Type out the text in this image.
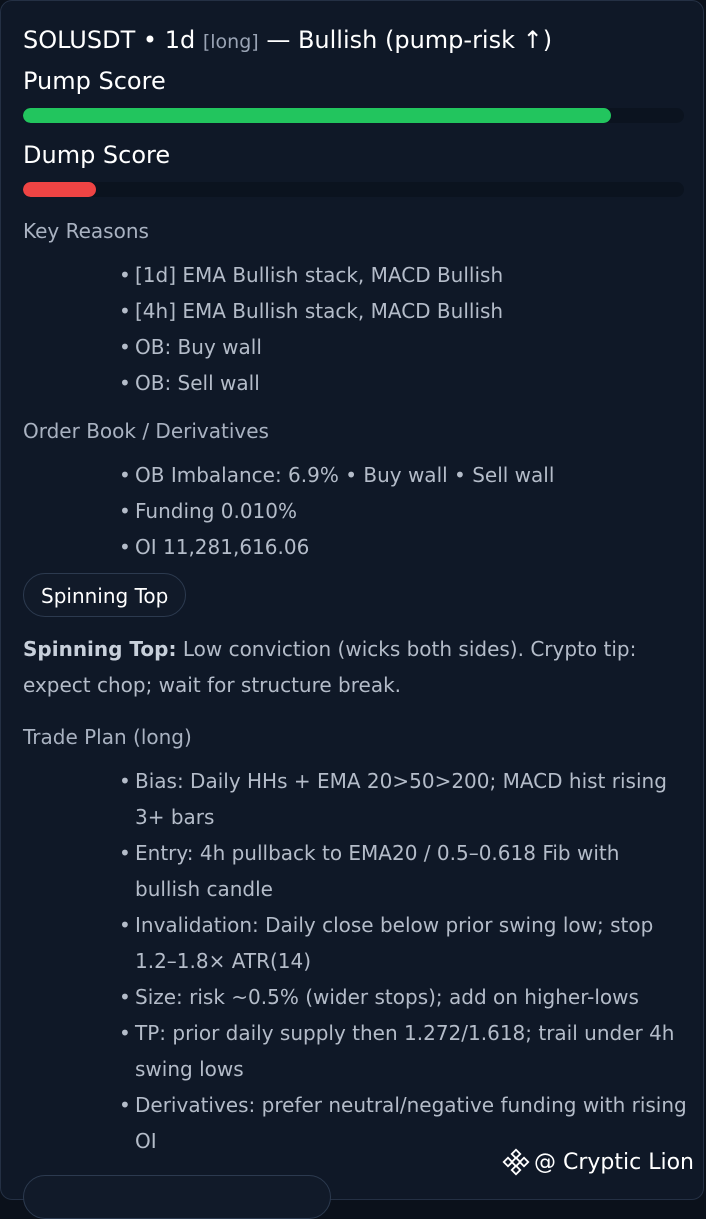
SOLUSDT • 1d [long] — Bullish (pump-risk ↑)
Pump Score
Dump Score
Key Reasons
• [1d] EMA Bullish stack, MACD Bullish
• [4h] EMA Bullish stack, MACD Bullish
• OB: Buy wall
• OB: Sell wall
Order Book / Derivatives
• OB Imbalance: 6.9% • Buy wall • Sell wall
• Funding 0.010%
• OI 11,281,616.06
Spinning Top
Spinning Top: Low conviction (wicks both sides). Crypto tip: expect chop; wait for structure break.
Trade Plan (long)
• Bias: Daily HHs + EMA 20>50>200; MACD hist rising 3+ bars
• Entry: 4h pullback to EMA20 / 0.5–0.618 Fib with bullish candle
• Invalidation: Daily close below prior swing low; stop 1.2–1.8× ATR(14)
• Size: risk ~0.5% (wider stops); add on higher-lows
• TP: prior daily supply then 1.272/1.618; trail under 4h swing lows
• Derivatives: prefer neutral/negative funding with rising OI
@ Cryptic Lion
